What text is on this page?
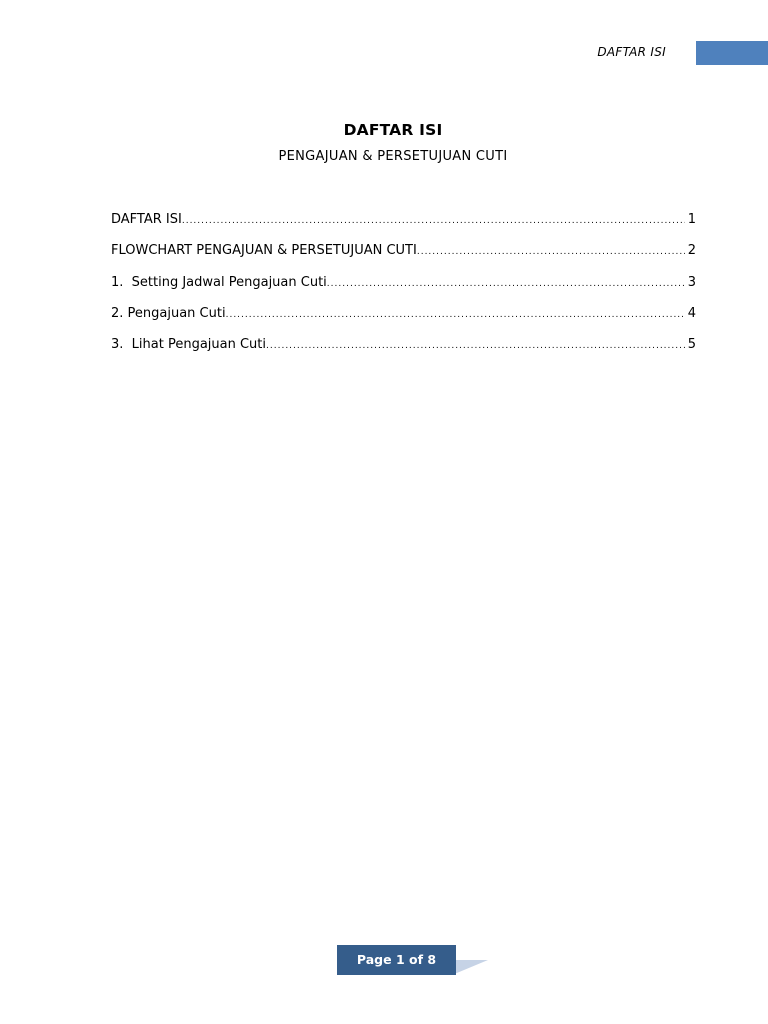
DAFTAR ISI
DAFTAR ISI
PENGAJUAN & PERSETUJUAN CUTI
DAFTAR ISI .....	1
FLOWCHART PENGAJUAN & PERSETUJUAN CUTI .....	2
1.  Setting Jadwal Pengajuan Cuti .....	3
2. Pengajuan Cuti .....	4
3.  Lihat Pengajuan Cuti .....	5
Page 1 of 8
